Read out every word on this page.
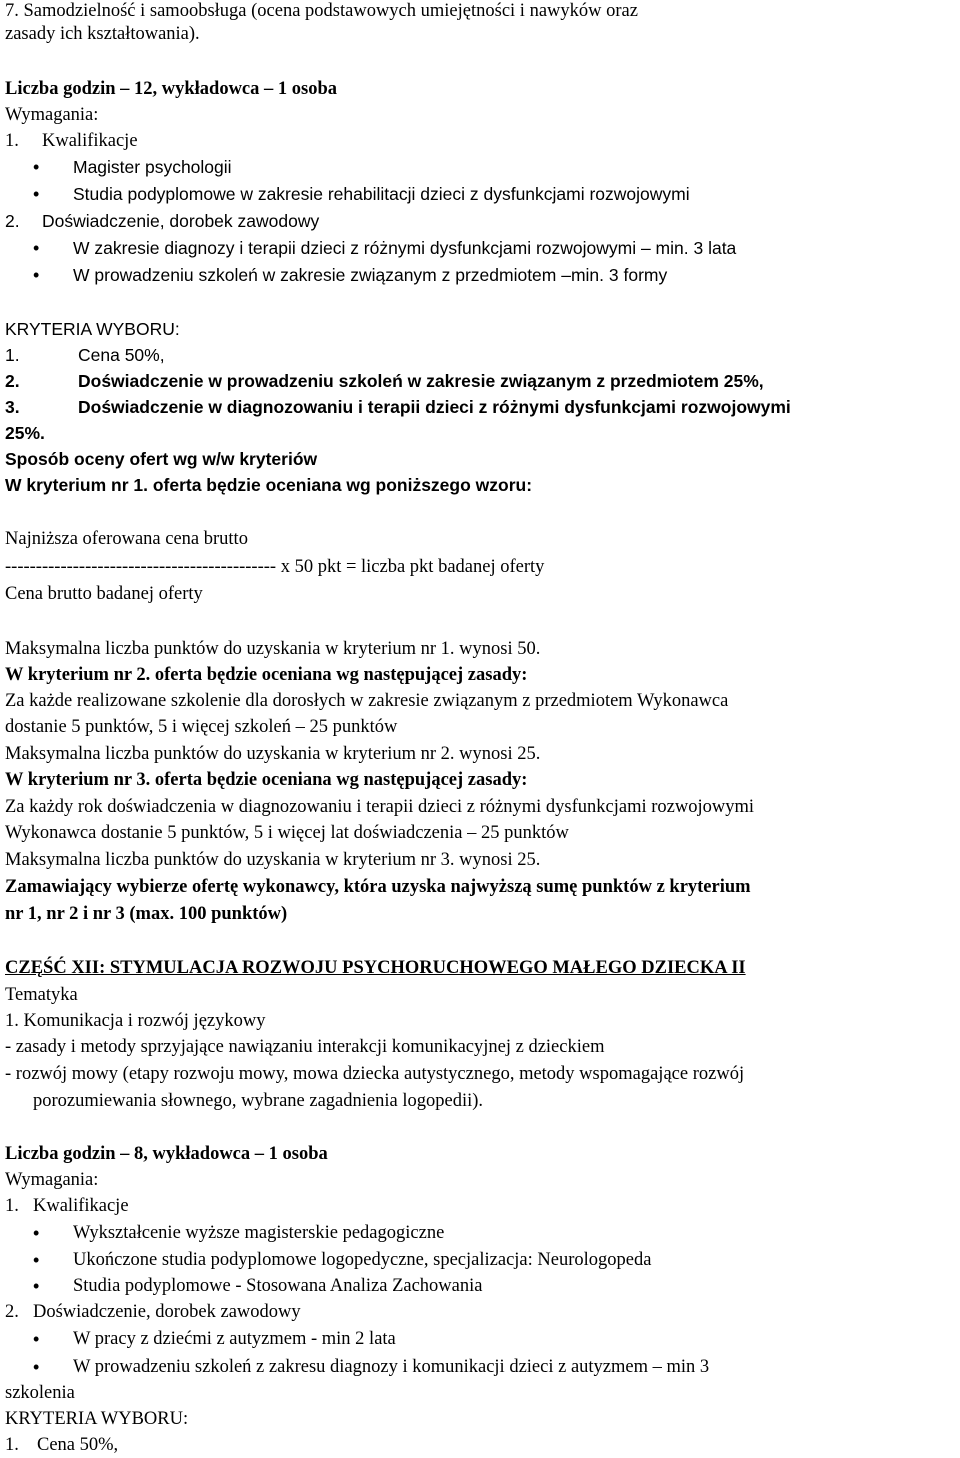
7. Samodzielność i samoobsługa (ocena podstawowych umiejętności i nawyków oraz
zasady ich kształtowania).
Liczba godzin – 12, wykładowca – 1 osoba
Wymagania:
1. Kwalifikacje
• Magister psychologii
• Studia podyplomowe w zakresie rehabilitacji dzieci z dysfunkcjami rozwojowymi
2. Doświadczenie, dorobek zawodowy
• W zakresie diagnozy i terapii dzieci z różnymi dysfunkcjami rozwojowymi – min. 3 lata
• W prowadzeniu szkoleń w zakresie związanym z przedmiotem –min. 3 formy
KRYTERIA WYBORU:
1.	Cena 50%,
2.	Doświadczenie w prowadzeniu szkoleń w zakresie związanym z przedmiotem 25%,
3.	Doświadczenie w diagnozowaniu i terapii dzieci z różnymi dysfunkcjami rozwojowymi
25%.
Sposób oceny ofert wg w/w kryteriów
W kryterium nr 1. oferta będzie oceniana wg poniższego wzoru:
Najniższa oferowana cena brutto
-------------------------------------------- x 50 pkt = liczba pkt badanej oferty
Cena brutto badanej oferty
Maksymalna liczba punktów do uzyskania w kryterium nr 1. wynosi 50.
W kryterium nr 2. oferta będzie oceniana wg następującej zasady:
Za każde realizowane szkolenie dla dorosłych w zakresie związanym z przedmiotem Wykonawca
dostanie 5 punktów, 5 i więcej szkoleń – 25 punktów
Maksymalna liczba punktów do uzyskania w kryterium nr 2. wynosi 25.
W kryterium nr 3. oferta będzie oceniana wg następującej zasady:
Za każdy rok doświadczenia w diagnozowaniu i terapii dzieci z różnymi dysfunkcjami rozwojowymi
Wykonawca dostanie 5 punktów, 5 i więcej lat doświadczenia – 25 punktów
Maksymalna liczba punktów do uzyskania w kryterium nr 3. wynosi 25.
Zamawiający wybierze ofertę wykonawcy, która uzyska najwyższą sumę punktów z kryterium
nr 1, nr 2 i nr 3 (max. 100 punktów)
CZĘŚĆ XII: STYMULACJA ROZWOJU PSYCHORUCHOWEGO MAŁEGO DZIECKA II
Tematyka
1. Komunikacja i rozwój językowy
- zasady i metody sprzyjające nawiązaniu interakcji komunikacyjnej z dzieckiem
- rozwój mowy (etapy rozwoju mowy, mowa dziecka autystycznego, metody wspomagające rozwój
porozumiewania słownego, wybrane zagadnienia logopedii).
Liczba godzin – 8, wykładowca – 1 osoba
Wymagania:
1. Kwalifikacje
• Wykształcenie wyższe magisterskie pedagogiczne
• Ukończone studia podyplomowe logopedyczne, specjalizacja: Neurologopeda
• Studia podyplomowe - Stosowana Analiza Zachowania
2. Doświadczenie, dorobek zawodowy
• W pracy z dziećmi z autyzmem - min 2 lata
• W prowadzeniu szkoleń z zakresu diagnozy i komunikacji dzieci z autyzmem – min 3
szkolenia
KRYTERIA WYBORU:
1. Cena 50%,
